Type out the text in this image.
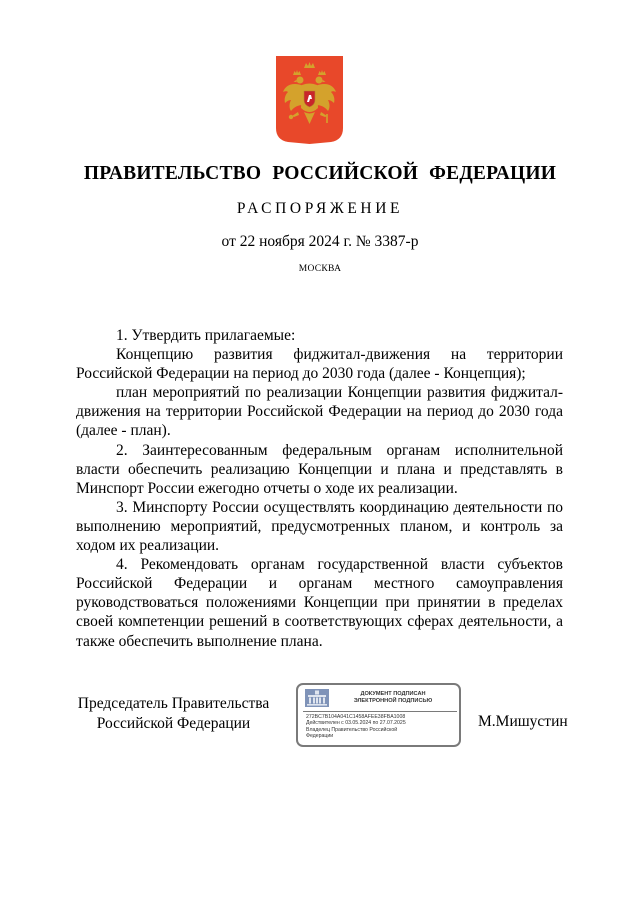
ПРАВИТЕЛЬСТВО РОССИЙСКОЙ ФЕДЕРАЦИИ
РАСПОРЯЖЕНИЕ
от 22 ноября 2024 г. № 3387-р
МОСКВА

1. Утвердить прилагаемые:

Концепцию развития фиджитал-движения на территории Российской Федерации на период до 2030 года (далее - Концепция);

план мероприятий по реализации Концепции развития фиджитал-движения на территории Российской Федерации на период до 2030 года (далее - план).

2. Заинтересованным федеральным органам исполнительной власти обеспечить реализацию Концепции и плана и представлять в Минспорт России ежегодно отчеты о ходе их реализации.

3. Минспорту России осуществлять координацию деятельности по выполнению мероприятий, предусмотренных планом, и контроль за ходом их реализации.

4. Рекомендовать органам государственной власти субъектов Российской Федерации и органам местного самоуправления руководствоваться положениями Концепции при принятии в пределах своей компетенции решений в соответствующих сферах деятельности, а также обеспечить выполнение плана.

Председатель Правительства
Российской Федерации
ДОКУМЕНТ ПОДПИСАН
ЭЛЕКТРОННОЙ ПОДПИСЬЮ
272BC7B104A041C1458AFEE38FBA1008
Действителен с 03.05.2024 по 27.07.2025
Владелец Правительство Российской
Федерации
М.Мишустин
